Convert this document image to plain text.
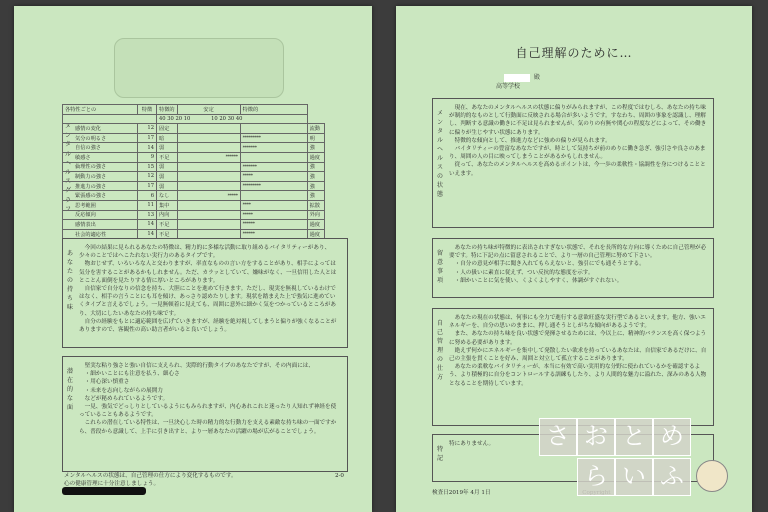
メ
ン
タ
ル
ヘ
ル
ス
グ
ラ
フ
各特性ごとの	特徴	特徴的	安定	特徴的	
		40 30 20 10　　　　10 20 30 40			
感情の変化	12	固定			流動
気分の明るさ	17	暗		*********	明
自信の強さ	14	弱		*******	強
敏感さ	9	不足	******		過度
倫理性の強さ	15	弱		*******	強
制動力の強さ	12	弱		*****	強
推進力の強さ	17	弱		*********	強
緊張感の強さ	6	なし	*****		強
思考範囲	11	集中		****	拡散
反応傾向	13	内向		*****	外向
感情表出	14	不足		******	過度
社会的適応性	14	不足		******	過度
あなたの持ち味

今回の結果に見られるあなたの特徴は、精力的に多様な活動に取り組めるバイタリティーがあり、少々のことではへこたれない実行力のあるタイプです。

物おじせず、いろいろな人と交わりますが、率直なものの言い方をすることがあり、相手によっては気分を害することがあるかもしれません。ただ、カラッとしていて、嫌味がなく、一旦信用した人とはとことん面倒を見たりする情に厚いところがあります。

自信家で自分なりの信念を持ち、大胆にことを進めて行きます。ただし、現実を無視しているわけではなく、相手の言うことにも耳を傾け、あっさり認めたりします。現状を踏まえた上で強気に進めていくタイプと言えるでしょう。一見無頓着に見えても、周囲に意外に細かく気をつかっているところがあり、大切にしたいあなたの持ち味です。

自分の経験をもとに適応範囲を広げていきますが、経験を絶対視してしまうと偏りが強くなることがありますので、客観性の高い助言者がいると良いでしょう。

潜在的な面

堅実な粘り強さと強い自信に支えられ、実際的行動タイプのあなたですが、その内面には、

・細かいことにも注意を払う、細心さ

・用心深い慎重さ

・未来を志向しながらの展開力

などが秘められているようです。

一見、強気でどっしりとしているようにもみられますが、内心あれこれと迷ったり人知れず神経を使っていることもあるようです。

これらの潜在している特性は、一旦決心した時の精力的な行動力を支える素敵な持ち味の一面ですから、普段から意識して、上手に引き出すと、より一層あなたの活躍の場が広がることでしょう。

メンタルヘルスの状態は、自己管理の仕方により変化するものです。	2-0

心の健康管理に十分注意しましょう。
自己理解のために…
殿
高等学校
メンタルヘルスの状態

現在、あなたのメンタルヘルスの状態に偏りがみられますが、この程度ではむしろ、あなたの持ち味が制約的なものとして行動面に反映される場合が多いようです。すなわち、周囲の事象を認識し、理解し、判断する意識の働きに不足は見られませんが、気のりの有無や関心の程度などによって、その働きに偏りが生じやすい状態にあります。

特徴的な傾向として、推進力などに強めの偏りが見られます。

バイタリティーの豊富なあなたですが、時として気持ちが前のめりに働き急ぎ、強引さや良さのあまり、周囲の人の目に映ってしまうことがあるかもしれません。

従って、あなたのメンタルヘルスを高めるポイントは、今一歩の柔軟性・協調性を身につけることといえます。

留意事項

あなたの持ち味が特徴的に表出されすぎない状態で、それを長所的な方向に導くために自己管理が必要です。特に下記の点に留意されることで、より一層の自己管理に努めて下さい。

・自分の意見が相手に聞き入れてもらえないと、強引にでも通そうとする。

・人の扱いに素直に従えず、つい反抗的な態度を示す。

・細かいことに気を使い、くよくよしやすく、体調がすぐれない。

自己管理の仕方

あなたの現在の状態は、何事にも全力で進行する意欲旺盛な実行型であるといえます。他方、強いエネルギーを、自分の思いのままに、押し通そうとしがちな傾向があるようです。

また、あなたの持ち味を良い状態で発揮させるためには、今以上に、精神的バランスを高く保つように努める必要があります。

絶えず何かにエネルギーを集中して発散したい欲求を持っているあなたは、自信家であるだけに、自己の主張を貫くことを好み、周囲と対立して孤立することがあります。

あなたの柔軟なバイタリティーが、本当に有効で高い実用的な分野に使われているかを確認するよう、より積極的に自分をコントロールする訓練もしたり、より人間的な魅力に溢れた、深みのある人物となることを期待しています。

特記
特にありません。
検査日2019年 4月 1日
さ お と め
ら い ふ
